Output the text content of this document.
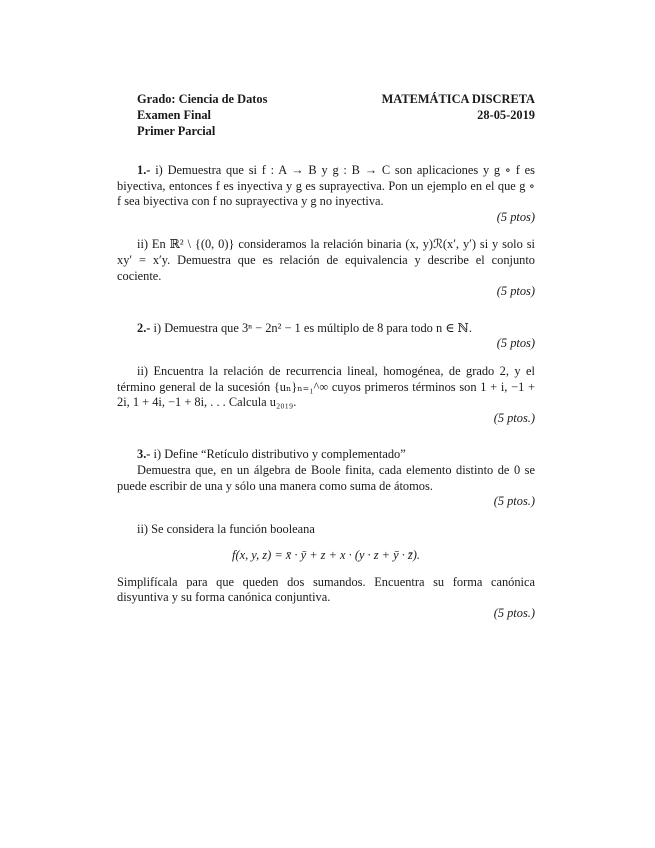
Grado: Ciencia de Datos
Examen Final
Primer Parcial
MATEMÁTICA DISCRETA
28-05-2019

1.- i) Demuestra que si f : A → B y g : B → C son aplicaciones y g ∘ f es biyectiva, entonces f es inyectiva y g es suprayectiva. Pon un ejemplo en el que g ∘ f sea biyectiva con f no suprayectiva y g no inyectiva.

(5 ptos)

ii) En ℝ² \ {(0, 0)} consideramos la relación binaria (x, y)ℛ(x′, y′) si y solo si xy′ = x′y. Demuestra que es relación de equivalencia y describe el conjunto cociente.

(5 ptos)

2.- i) Demuestra que 3ⁿ − 2n² − 1 es múltiplo de 8 para todo n ∈ ℕ.

(5 ptos)

ii) Encuentra la relación de recurrencia lineal, homogénea, de grado 2, y el término general de la sucesión {uₙ}ₙ₌₁^∞ cuyos primeros términos son 1 + i, −1 + 2i, 1 + 4i, −1 + 8i, . . . Calcula u₂₀₁₉.

(5 ptos.)

3.- i) Define “Retículo distributivo y complementado”

Demuestra que, en un álgebra de Boole finita, cada elemento distinto de 0 se puede escribir de una y sólo una manera como suma de átomos.

(5 ptos.)

ii) Se considera la función booleana

f(x, y, z) = x̄ · ȳ + z + x · (y · z + ȳ · z̄).

Simplifícala para que queden dos sumandos. Encuentra su forma canónica disyuntiva y su forma canónica conjuntiva.

(5 ptos.)
